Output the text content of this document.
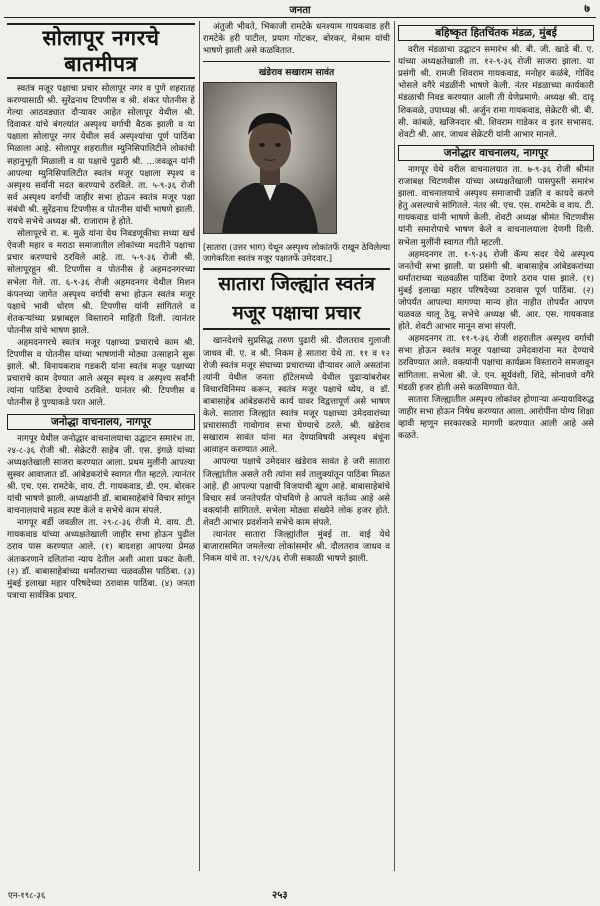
जनता	७
सोलापूर नगरचे बातमीपत्र

स्वतंत्र मजूर पक्षाचा प्रचार सोलापूर नगर व पुणे शहरातह करण्यासाठी श्री. सुरेंद्रनाथ टिपणीस व श्री. शंकर पोतनीस हे गेल्या आठवड्यात दौऱ्यावर आहेत सोलापूर येथील श्री. दिवाकर यांचे बंगल्यांत अस्पृश्य वर्गाची बैठक झाली व या पक्षाला सोलापूर नगर येथील सर्व अस्पृश्यांचा पूर्ण पाठिंबा मिळाला आहे. सोलापूर शहरातील म्युनिसिपालिटीने लोकांची सहानुभूती मिळाली व या पक्षाचे पुढारी श्री. ...जवळून यांनी आपल्या म्युनिसिपालिटीत स्वतंत्र मजूर पक्षाला स्पृश्य व अस्पृश्य सर्वांनी मदत करण्याचे ठरविले. ता. ५-९-३६ रोजी सर्व अस्पृश्य वर्गाची जाहीर सभा होऊन स्वतंत्र मजूर पक्षा संबंधी श्री. सुरेंद्रनाथ टिपणीस व पोतनीस यांची भाषणे झाली. रायचे सभेचे अध्यक्ष श्री. राजाराम हे होते.

सोलापूरचे रा. ब. मुळे यांना येथ निवडणूकीचा सध्या खर्च ऐवजी महार व मराठा समाजातील लोकांच्या मदतीने पक्षाचा प्रचार करण्याचे ठरविले आहे. ता. ५-९-३६ रोजी श्री. सोलापूरहून श्री. टिपणीस व पोतनीस हे अहमदनगरच्या सभेला गेले. ता. ६-९-३६ रोजी अहमदनगर येथील मिशन कंपनच्या जागेत अस्पृश्य वर्गाची सभा होऊन स्वतंत्र मजूर पक्षाचे भावी धोरण श्री. टिपणीस यांनी सांगितले व शेतकऱ्यांच्या प्रश्नाबद्दल विस्ताराने माहिती दिली. त्यानंतर पोतनीस यांचे भाषण झाले.

अहमदनगरचे स्वतंत्र मजूर पक्षाच्या प्रचाराचे काम श्री. टिपणीस व पोतनीस यांच्या भाषणांनी मोठ्या उत्साहाने सुरू झाले. श्री. विनायकराव गडकरी यांना स्वतंत्र मजूर पक्षाच्या प्रचाराचे काम देण्यात आले असून स्पृश्य व अस्पृश्य सर्वांनी त्यांना पाठिंबा देण्याचे ठरविले. यानंतर श्री. टिपणीस व पोतनीस हे पुण्याकडे परत आले.

जनोद्धा वाचनालय, नागपूर

नागपूर येथील जनोद्धार वाचनालयाचा उद्घाटन समारंभ ता. २४-८-३६ रोजी श्री. सेक्रेटरी साहेब जी. एस. इंगळे यांच्या अध्यक्षतेखाली साजरा करण्यात आला. प्रथम मुलींनी आपल्या सुस्वर आवाजात डॉ. आंबेडकरांचे स्वागत गीत म्हटले. त्यानंतर श्री. एच. एस. रामटेके, वाय. टी. गायकवाड, डी. एम. बोरकर यांची भाषणे झाली. अध्यक्षांनी डॉ. बाबासाहेबांचे विचार सांगून वाचनालयाचे महत्व स्पष्ट केले व सभेचे काम संपले.

नागपूर बर्डी जवळील ता. २९-८-३६ रोजी मे. वाय. टी. गायकवाड यांच्या अध्यक्षतेखाली जाहीर सभा होऊन पुढील ठराव पास करण्यात आले. (१) बादशहा आपल्या प्रेमळ अंतःकरणाने दलितांना न्याय देतील अशी आशा प्रकट केली. (२) डॉ. बाबासाहेबांच्या धर्मांतराच्या चळवळीस पाठिंबा. (३) मुंबई इलाखा महार परिषदेच्या ठरावास पाठिंबा. (४) जनता पत्राचा सार्वत्रिक प्रचार.

अंतुजी भीवते, भिकाजी रामटेके धनश्याम गायकवाड हरी रामटेके हरी पाटील, प्रयाग गोटकर, बोरकर, मेश्राम यांची भाषणे झाली असे कळवितात.

खंडेराव सखाराम सावंत
[सातारा (उत्तर भाग) येथून अस्पृश्य लोकांतर्फे राखून ठेविलेल्या जागेकरिता स्वतंत्र मजूर पक्षातर्फे उमेदवार.]
सातारा जिल्ह्यांत स्वतंत्र मजूर पक्षाचा प्रचार

खानदेशचे सुप्रसिद्ध तरुण पुढारी श्री. दौलतराव गुलाजी जाधव बी. ए. व श्री. निकम हे सातारा येथे ता. ११ व १२ रोजी स्वतंत्र मजूर संघाच्या प्रचाराच्या दौऱ्यावर आले असतांना त्यांनी येथील जनता हॉटेलमध्ये येथील पुढाऱ्यांबरोबर विचारविनिमय करून, स्वतंत्र मजूर पक्षाचे ध्येय, व डॉ. बाबासाहेब आंबेडकरांचे कार्य यावर विद्वत्तापूर्ण असे भाषण केले. सातारा जिल्ह्यांत स्वतंत्र मजूर पक्षाच्या उमेदवारांच्या प्रचारासाठी गावोगाव सभा घेण्याचे ठरले. श्री. खंडेराव सखाराम सावंत यांना मत देण्याविषयी अस्पृश्य बंधूंना आवाहन करण्यात आले.

आपल्या पक्षाचे उमेदवार खंडेराव सावंत हे जरी सातारा जिल्ह्यांतील असले तरी त्यांना सर्व तालुक्यांतून पाठिंबा मिळत आहे. ही आपल्या पक्षाची विजयाची खूण आहे. बाबासाहेबांचे विचार सर्व जनतेपर्यंत पोचविणे हे आपले कर्तव्य आहे असे वक्त्यांनी सांगितले. सभेला मोठ्या संख्येने लोक हजर होते. शेवटी आभार प्रदर्शनाने सभेचे काम संपले.

त्यानंतर सातारा जिल्ह्यांतील मुंबई ता. वाई येथे बाजारासमित जमलेल्या लोकांसमोर श्री. दौलतराव जाधव व निकम यांचे ता. १२/९/३६ रोजी सकाळी भाषणे झाली.

बहिष्कृत हितचिंतक मंडळ, मुंबई

वरील मंडळाचा उद्घाटन समारंभ श्री. बी. जी. खाडे बी. ए. यांच्या अध्यक्षतेखाली ता. १२-९-३६ रोजी साजरा झाला. या प्रसंगी श्री. रामजी शिवराम गायकवाड, मनोहर कळंबे, गोविंद भोसले वगैरे मंडळींनी भाषणे केली. नंतर मंडळाच्या कार्यकारी मंडळाची निवड करण्यात आली ती येणेप्रमाणे: अध्यक्ष श्री. दादू शिकवळे, उपाध्यक्ष श्री. अर्जुन रामा गायकवाड, सेक्रेटरी श्री. बी. सी. कांबळे, खजिनदार श्री. शिवराम गाडेकर व इतर सभासद. शेवटी श्री. आर. जाधव सेक्रेटरी यांनी आभार मानले.

जनोद्धार वाचनालय, नागपूर

नागपूर येथे वरील वाचनालयात ता. ७-९-३६ रोजी श्रीमंत राजाबक्ष चिटणवीस यांच्या अध्यक्षतेखाली पासपुस्ती समारंभ झाला. वाचनालयाचे अस्पृश्य समाजाची उन्नति व कायदे करणे हेतु असल्याचे सांगितले. नंतर श्री. एच. एस. रामटेके व वाय. टी. गायकवाड यांनी भाषणे केली. शेवटी अध्यक्ष श्रीमंत चिटणवीस यांनी समारोपाचे भाषण केले व वाचनालयाला देणगी दिली. सभेला मुलींनी स्वागत गीते म्हटली.

अहमदनगर ता. १-९-३६ रोजी कॅम्प सदर येथे अस्पृश्य जनतेची सभा झाली. या प्रसंगी श्री. बाबासाहेब आंबेडकरांच्या धर्मांतराच्या चळवळीस पाठिंबा देणारे ठराव पास झाले. (१) मुंबई इलाखा महार परिषदेच्या ठरावास पूर्ण पाठिंबा. (२) जोपर्यंत आपल्या मागण्या मान्य होत नाहीत तोपर्यंत आपण चळवळ चालू ठेवू. सभेचे अध्यक्ष श्री. आर. एस. गायकवाड होते. शेवटी आभार मानून सभा संपली.

अहमदनगर ता. ११-९-३६ रोजी शहरातील अस्पृश्य वर्गाची सभा होऊन स्वतंत्र मजूर पक्षाच्या उमेदवारांना मत देण्याचे ठरविण्यात आले. वक्त्यांनी पक्षाचा कार्यक्रम विस्ताराने समजावून सांगितला. सभेला श्री. जे. एन. सूर्यवंशी, शिंदे, सोनावणे वगैरे मंडळी हजर होती असे कळविण्यात येते.

सातारा जिल्ह्यातील अस्पृश्य लोकांवर होणाऱ्या अन्यायाविरुद्ध जाहीर सभा होऊन निषेध करण्यात आला. आरोपींना योग्य शिक्षा व्हावी म्हणून सरकारकडे मागणी करण्यात आली आहे असे कळते.

एन-१९८-३६	२५३
